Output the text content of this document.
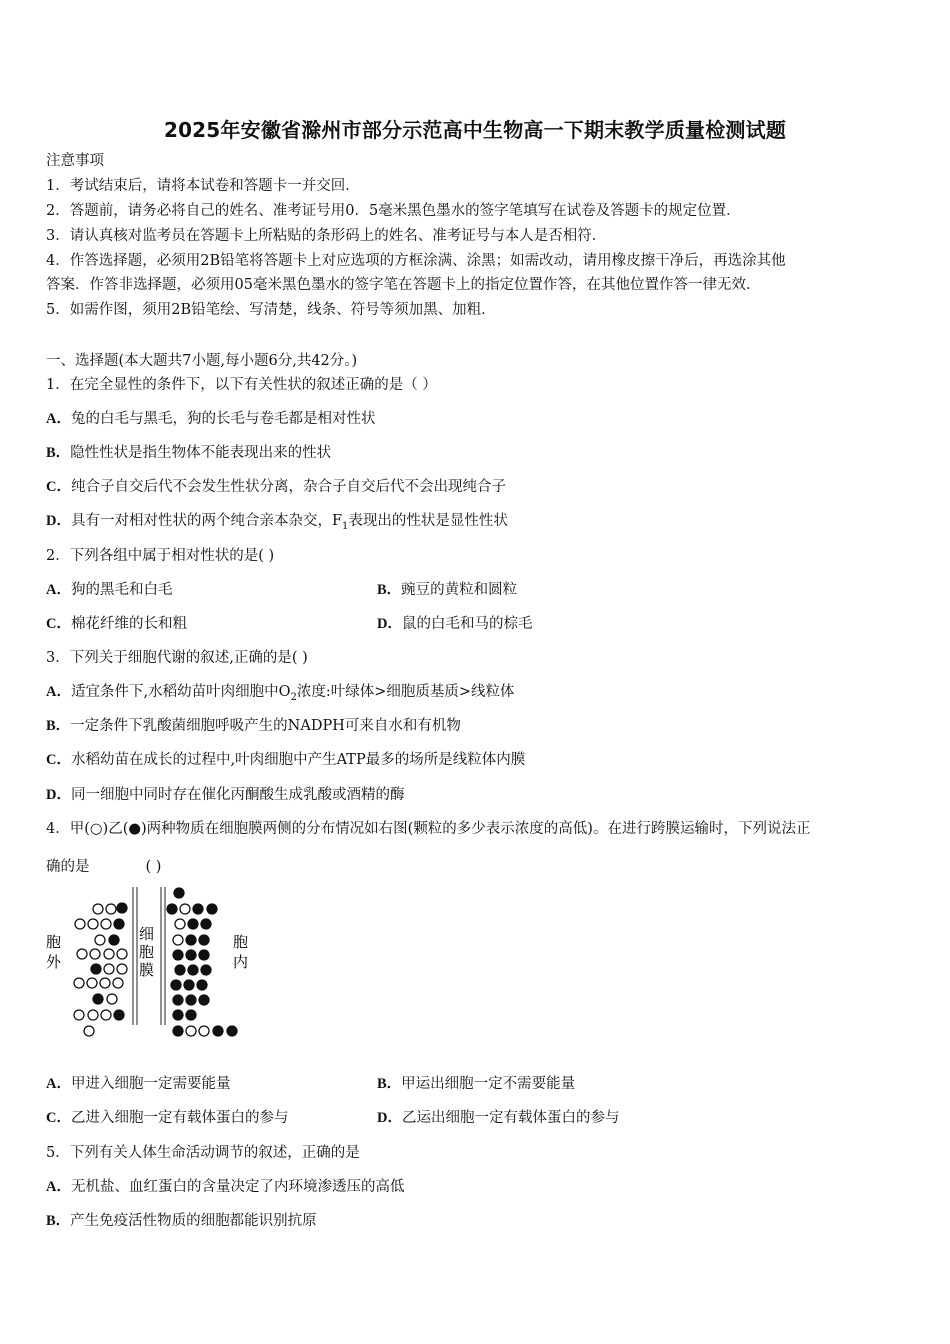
2025年安徽省滁州市部分示范高中生物高一下期末教学质量检测试题
注意事项
1．考试结束后，请将本试卷和答题卡一并交回．
2．答题前，请务必将自己的姓名、准考证号用0．5毫米黑色墨水的签字笔填写在试卷及答题卡的规定位置．
3．请认真核对监考员在答题卡上所粘贴的条形码上的姓名、准考证号与本人是否相符．
4．作答选择题，必须用2B铅笔将答题卡上对应选项的方框涂满、涂黑；如需改动，请用橡皮擦干净后，再选涂其他
答案．作答非选择题，必须用05毫米黑色墨水的签字笔在答题卡上的指定位置作答，在其他位置作答一律无效．
5．如需作图，须用2B铅笔绘、写清楚，线条、符号等须加黑、加粗．
一、选择题(本大题共7小题,每小题6分,共42分。)
1．在完全显性的条件下，以下有关性状的叙述正确的是（ ）
A．兔的白毛与黑毛，狗的长毛与卷毛都是相对性状
B．隐性性状是指生物体不能表现出来的性状
C．纯合子自交后代不会发生性状分离，杂合子自交后代不会出现纯合子
D．具有一对相对性状的两个纯合亲本杂交，$F_1$表现出的性状是显性性状
2．下列各组中属于相对性状的是( )
A．狗的黑毛和白毛	B．豌豆的黄粒和圆粒
C．棉花纤维的长和粗	D．鼠的白毛和马的棕毛
3．下列关于细胞代谢的叙述,正确的是( )
A．适宜条件下,水稻幼苗叶肉细胞中$O_2$浓度:叶绿体>细胞质基质>线粒体
B．一定条件下乳酸菌细胞呼吸产生的NADPH可来自水和有机物
C．水稻幼苗在成长的过程中,叶肉细胞中产生ATP最多的场所是线粒体内膜
D．同一细胞中同时存在催化丙酮酸生成乳酸或酒精的酶
4．甲(○)乙(●)两种物质在细胞膜两侧的分布情况如右图(颗粒的多少表示浓度的高低)。在进行跨膜运输时，下列说法正
确的是	( )
胞外
细胞膜
胞内
A．甲进入细胞一定需要能量	B．甲运出细胞一定不需要能量
C．乙进入细胞一定有载体蛋白的参与	D．乙运出细胞一定有载体蛋白的参与
5．下列有关人体生命活动调节的叙述，正确的是
A．无机盐、血红蛋白的含量决定了内环境渗透压的高低
B．产生免疫活性物质的细胞都能识别抗原
